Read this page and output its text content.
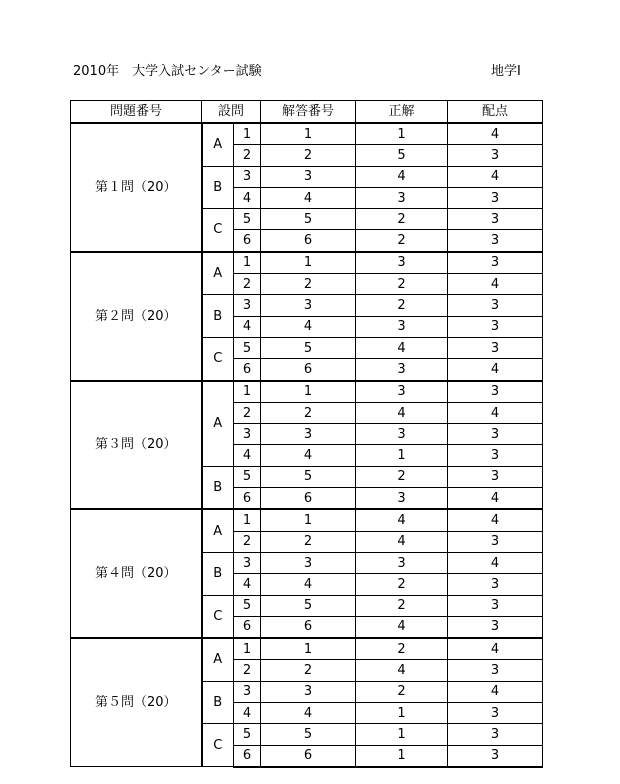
2010年　大学入試センター試験	地学Ⅰ
問題番号	設問		解答番号	正解	配点
第１問（20）	A	1	1	1	4
		2	2	5	3
	B	3	3	4	4
		4	4	3	3
	C	5	5	2	3
		6	6	2	3
第２問（20）	A	1	1	3	3
		2	2	2	4
	B	3	3	2	3
		4	4	3	3
	C	5	5	4	3
		6	6	3	4
第３問（20）	A	1	1	3	3
		2	2	4	4
		3	3	3	3
		4	4	1	3
	B	5	5	2	3
		6	6	3	4
第４問（20）	A	1	1	4	4
		2	2	4	3
	B	3	3	3	4
		4	4	2	3
	C	5	5	2	3
		6	6	4	3
第５問（20）	A	1	1	2	4
		2	2	4	3
	B	3	3	2	4
		4	4	1	3
	C	5	5	1	3
		6	6	1	3
